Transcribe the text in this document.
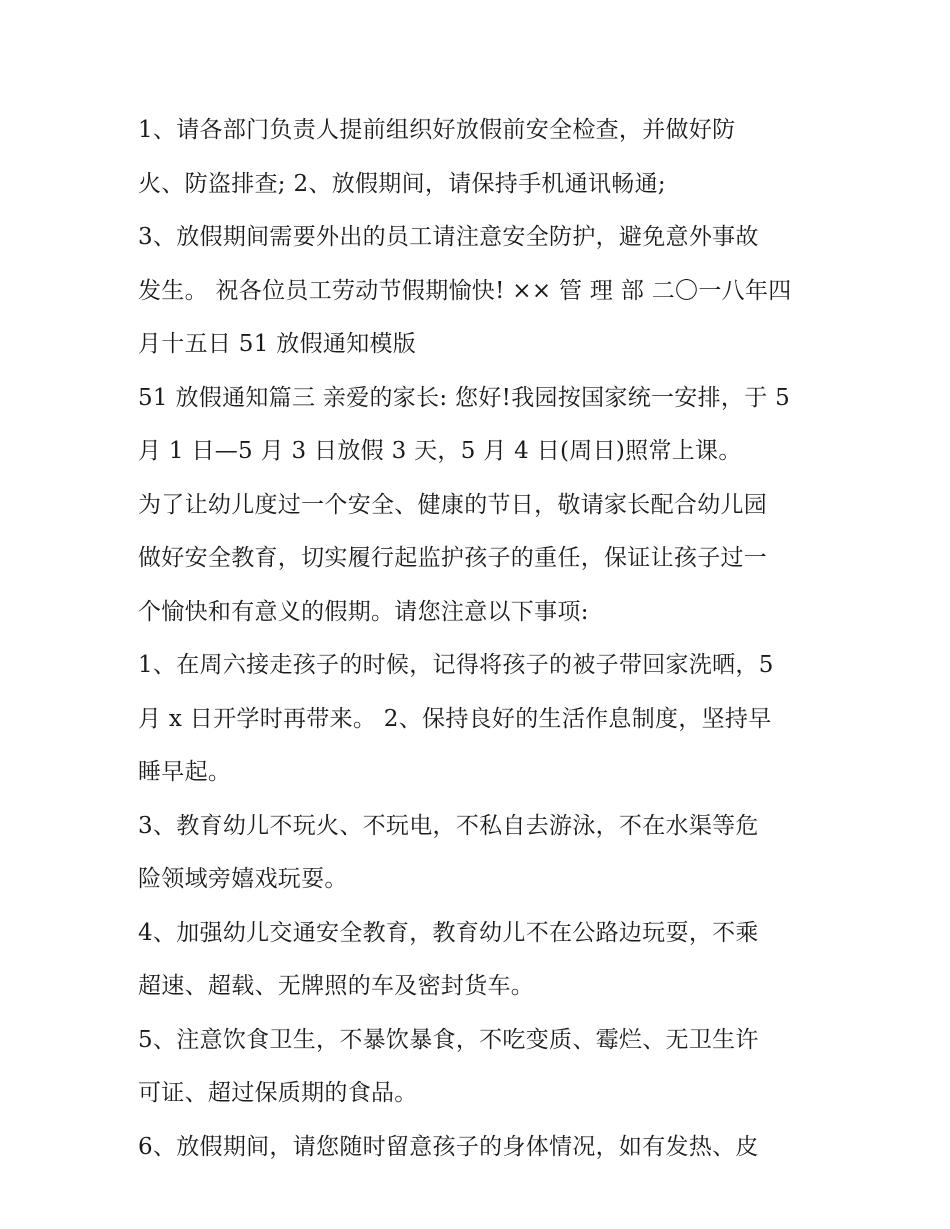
1、请各部门负责人提前组织好放假前安全检查，并做好防
火、防盗排查; 2、放假期间，请保持手机通讯畅通;
3、放假期间需要外出的员工请注意安全防护，避免意外事故
发生。 祝各位员工劳动节假期愉快! ×× 管 理 部 二〇一八年四
月十五日 51 放假通知模版
51 放假通知篇三 亲爱的家长: 您好!我园按国家统一安排，于 5
月 1 日—5 月 3 日放假 3 天，5 月 4 日(周日)照常上课。
为了让幼儿度过一个安全、健康的节日，敬请家长配合幼儿园
做好安全教育，切实履行起监护孩子的重任，保证让孩子过一
个愉快和有意义的假期。请您注意以下事项:
1、在周六接走孩子的时候，记得将孩子的被子带回家洗晒，5
月 x 日开学时再带来。 2、保持良好的生活作息制度，坚持早
睡早起。
3、教育幼儿不玩火、不玩电，不私自去游泳，不在水渠等危
险领域旁嬉戏玩耍。
4、加强幼儿交通安全教育，教育幼儿不在公路边玩耍，不乘
超速、超载、无牌照的车及密封货车。
5、注意饮食卫生，不暴饮暴食，不吃变质、霉烂、无卫生许
可证、超过保质期的食品。
6、放假期间，请您随时留意孩子的身体情况，如有发热、皮
